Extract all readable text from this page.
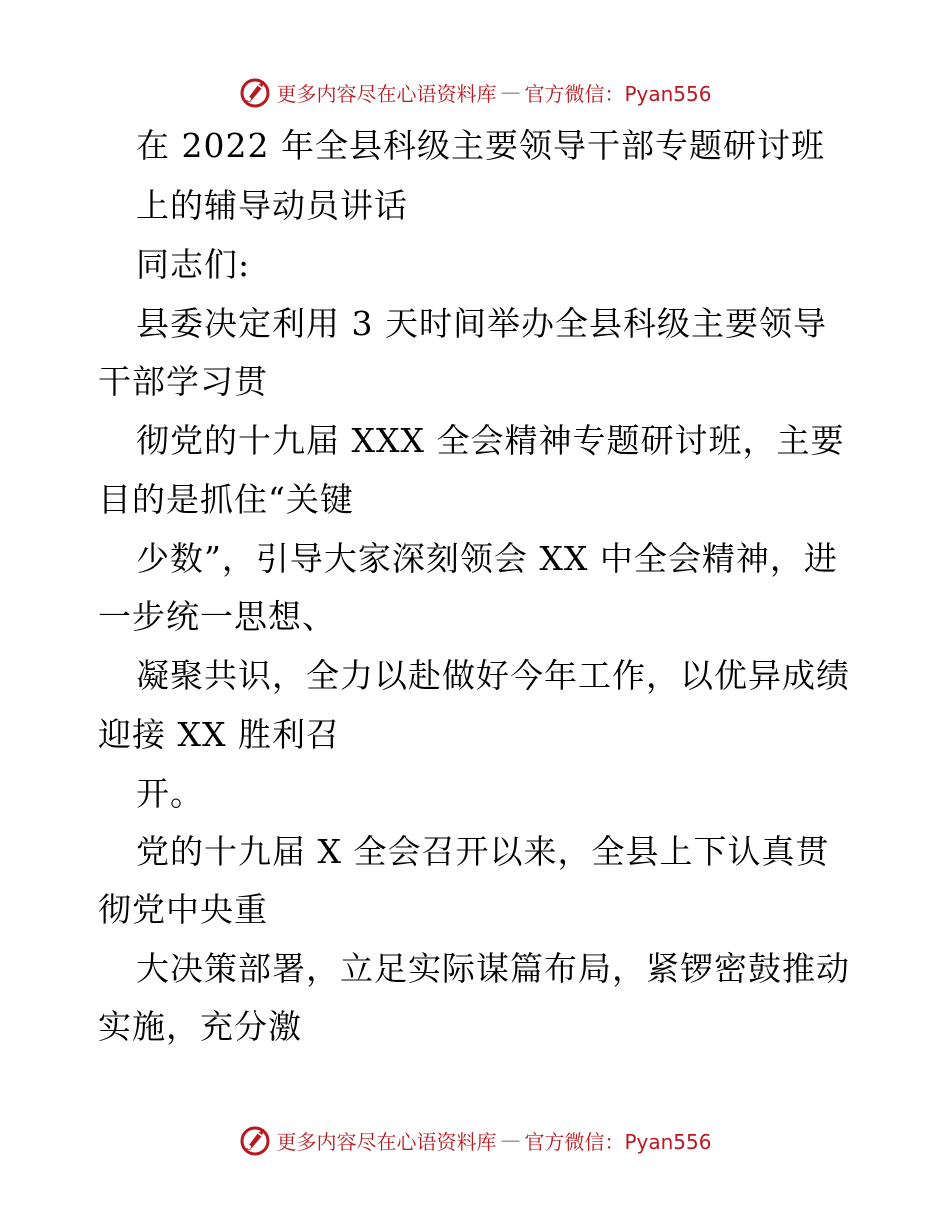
更多内容尽在心语资料库 — 官方微信：Pyan556
在 2022 年全县科级主要领导干部专题研讨班
上的辅导动员讲话
同志们:
县委决定利用 3 天时间举办全县科级主要领导
干部学习贯
彻党的十九届 XXX 全会精神专题研讨班，主要
目的是抓住“关键
少数”，引导大家深刻领会 XX 中全会精神，进
一步统一思想、
凝聚共识，全力以赴做好今年工作，以优异成绩
迎接 XX 胜利召
开。
党的十九届 X 全会召开以来，全县上下认真贯
彻党中央重
大决策部署，立足实际谋篇布局，紧锣密鼓推动
实施，充分激
更多内容尽在心语资料库 — 官方微信：Pyan556
